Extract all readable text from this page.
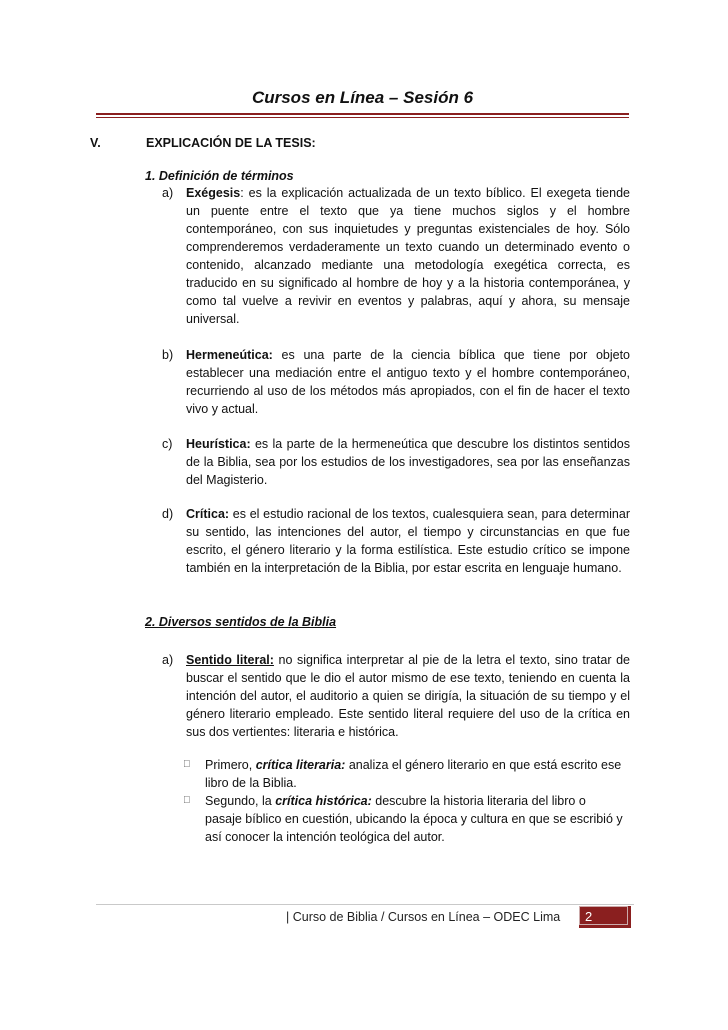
Cursos en Línea – Sesión 6
V.	EXPLICACIÓN DE LA TESIS:
1. Definición de términos
a)	Exégesis: es la explicación actualizada de un texto bíblico. El exegeta tiende un puente entre el texto que ya tiene muchos siglos y el hombre contemporáneo, con sus inquietudes y preguntas existenciales de hoy. Sólo comprenderemos verdaderamente un texto cuando un determinado evento o contenido, alcanzado mediante una metodología exegética correcta, es traducido en su significado al hombre de hoy y a la historia contemporánea, y como tal vuelve a revivir en eventos y palabras, aquí y ahora, su mensaje universal.
b)	Hermeneútica: es una parte de la ciencia bíblica que tiene por objeto establecer una mediación entre el antiguo texto y el hombre contemporáneo, recurriendo al uso de los métodos más apropiados, con el fin de hacer el texto vivo y actual.
c)	Heurística: es la parte de la hermeneútica que descubre los distintos sentidos de la Biblia, sea por los estudios de los investigadores, sea por las enseñanzas del Magisterio.
d)	Crítica: es el estudio racional de los textos, cualesquiera sean, para determinar su sentido, las intenciones del autor, el tiempo y circunstancias en que fue escrito, el género literario y la forma estilística. Este estudio crítico se impone también en la interpretación de la Biblia, por estar escrita en lenguaje humano.
2. Diversos sentidos de la Biblia
a)	Sentido literal: no significa interpretar al pie de la letra el texto, sino tratar de buscar el sentido que le dio el autor mismo de ese texto, teniendo en cuenta la intención del autor, el auditorio a quien se dirigía, la situación de su tiempo y el género literario empleado. Este sentido literal requiere del uso de la crítica en sus dos vertientes: literaria e histórica.
Primero, crítica literaria: analiza el género literario en que está escrito ese libro de la Biblia.
Segundo, la crítica histórica: descubre la historia literaria del libro o pasaje bíblico en cuestión, ubicando la época y cultura en que se escribió y así conocer la intención teológica del autor.
| Curso de Biblia / Cursos en Línea – ODEC Lima 2
